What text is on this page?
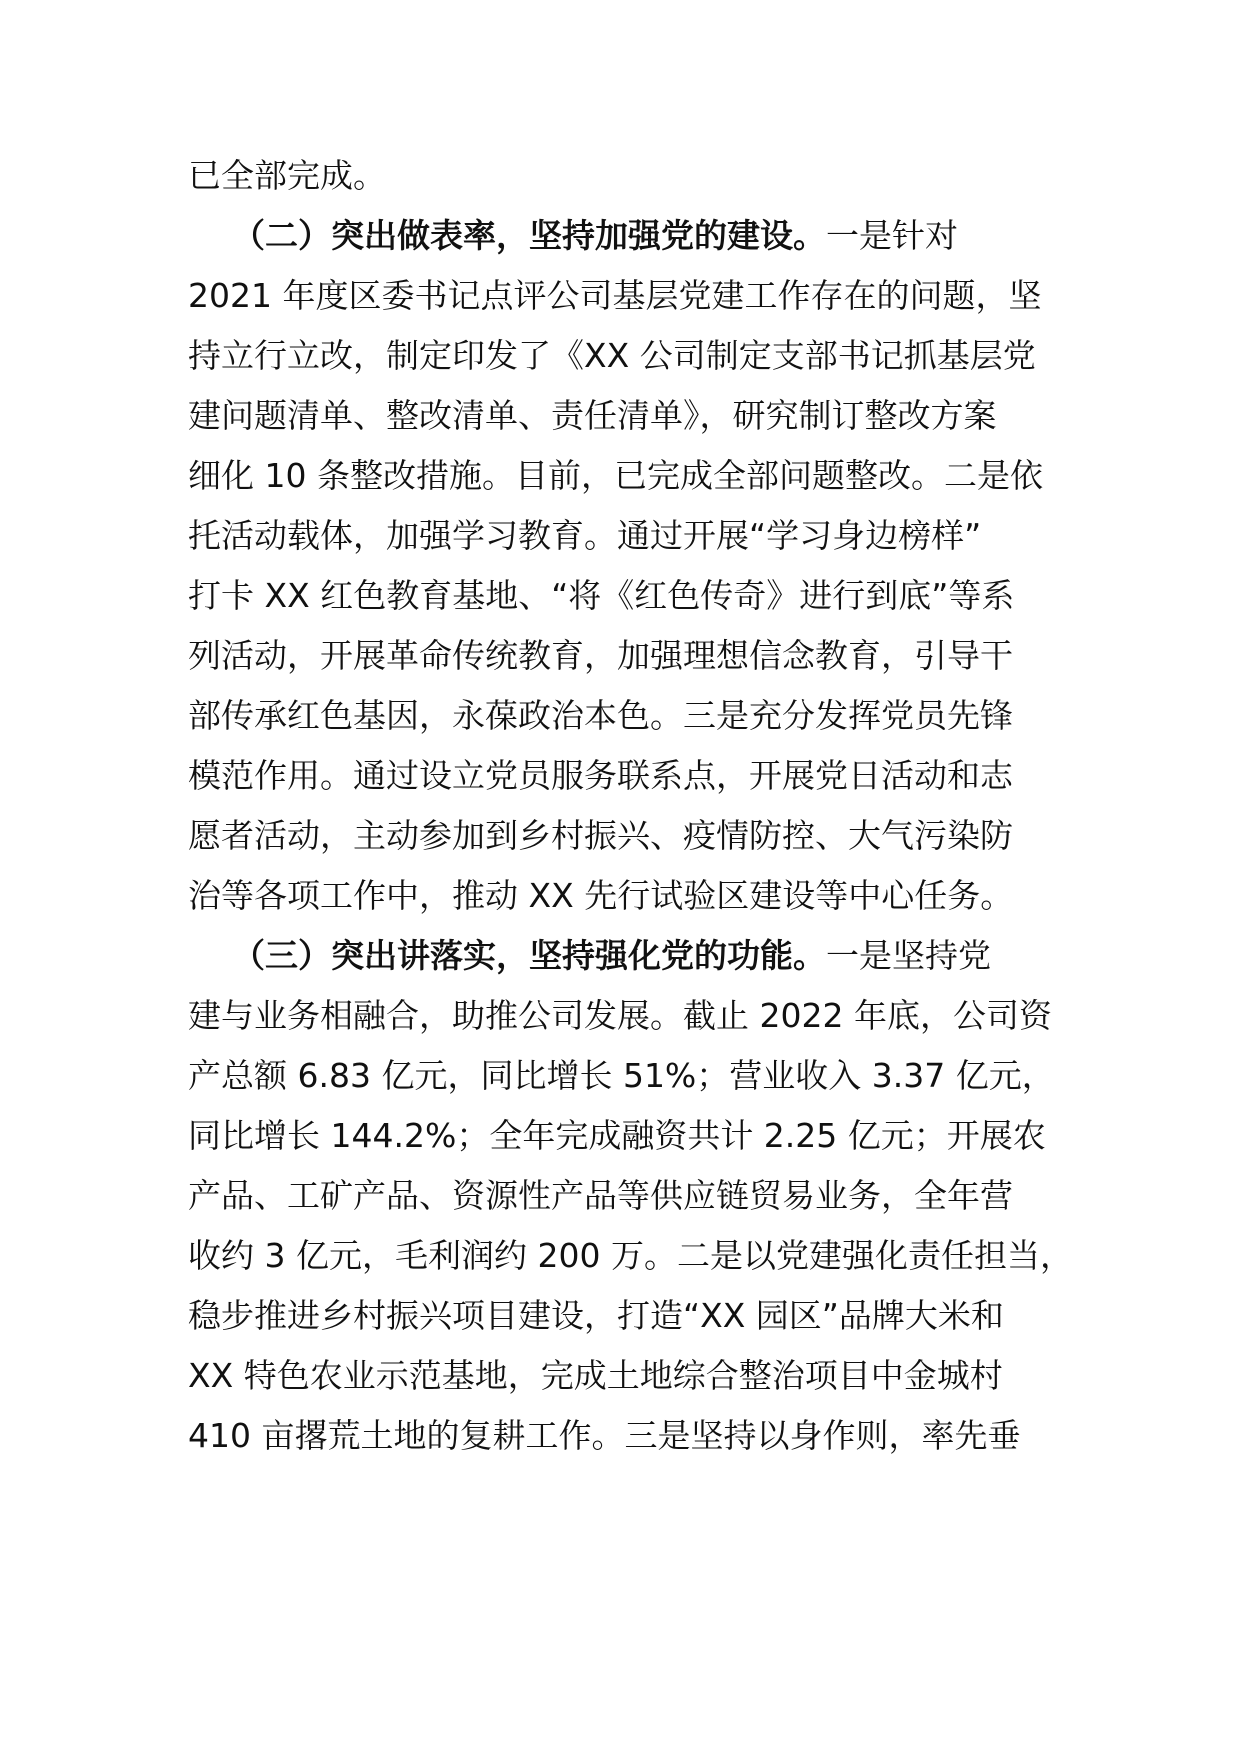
已全部完成。
（二）突出做表率，坚持加强党的建设。一是针对
2021 年度区委书记点评公司基层党建工作存在的问题，坚
持立行立改，制定印发了《XX 公司制定支部书记抓基层党
建问题清单、整改清单、责任清单》，研究制订整改方案
细化 10 条整改措施。目前，已完成全部问题整改。二是依
托活动载体，加强学习教育。通过开展“学习身边榜样”
打卡 XX 红色教育基地、“将《红色传奇》进行到底”等系
列活动，开展革命传统教育，加强理想信念教育，引导干
部传承红色基因，永葆政治本色。三是充分发挥党员先锋
模范作用。通过设立党员服务联系点，开展党日活动和志
愿者活动，主动参加到乡村振兴、疫情防控、大气污染防
治等各项工作中，推动 XX 先行试验区建设等中心任务。
（三）突出讲落实，坚持强化党的功能。一是坚持党
建与业务相融合，助推公司发展。截止 2022 年底，公司资
产总额 6.83 亿元，同比增长 51%；营业收入 3.37 亿元，
同比增长 144.2%；全年完成融资共计 2.25 亿元；开展农
产品、工矿产品、资源性产品等供应链贸易业务，全年营
收约 3 亿元，毛利润约 200 万。二是以党建强化责任担当，
稳步推进乡村振兴项目建设，打造“XX 园区”品牌大米和
XX 特色农业示范基地，完成土地综合整治项目中金城村
410 亩撂荒土地的复耕工作。三是坚持以身作则，率先垂
